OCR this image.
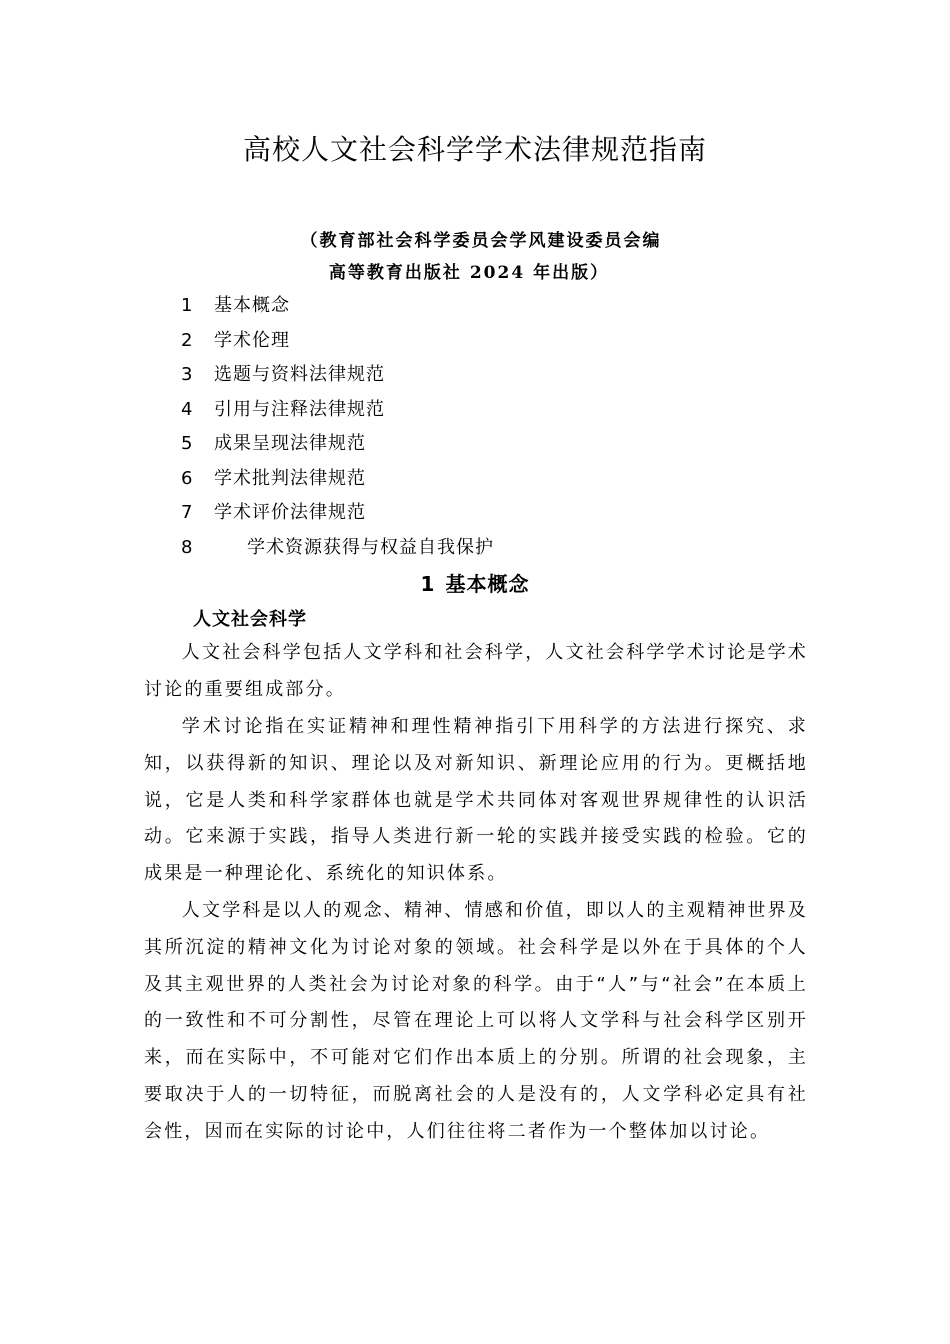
高校人文社会科学学术法律规范指南
（教育部社会科学委员会学风建设委员会编
高等教育出版社 2024 年出版）
1	基本概念
2	学术伦理
3	选题与资料法律规范
4	引用与注释法律规范
5	成果呈现法律规范
6	学术批判法律规范
7	学术评价法律规范
8	学术资源获得与权益自我保护
1 基本概念
人文社会科学

人文社会科学包括人文学科和社会科学，人文社会科学学术讨论是学术讨论的重要组成部分。

学术讨论指在实证精神和理性精神指引下用科学的方法进行探究、求知，以获得新的知识、理论以及对新知识、新理论应用的行为。更概括地说，它是人类和科学家群体也就是学术共同体对客观世界规律性的认识活动。它来源于实践，指导人类进行新一轮的实践并接受实践的检验。它的成果是一种理论化、系统化的知识体系。

人文学科是以人的观念、精神、情感和价值，即以人的主观精神世界及其所沉淀的精神文化为讨论对象的领域。社会科学是以外在于具体的个人及其主观世界的人类社会为讨论对象的科学。由于“人”与“社会”在本质上的一致性和不可分割性，尽管在理论上可以将人文学科与社会科学区别开来，而在实际中，不可能对它们作出本质上的分别。所谓的社会现象，主要取决于人的一切特征，而脱离社会的人是没有的，人文学科必定具有社会性，因而在实际的讨论中，人们往往将二者作为一个整体加以讨论。
